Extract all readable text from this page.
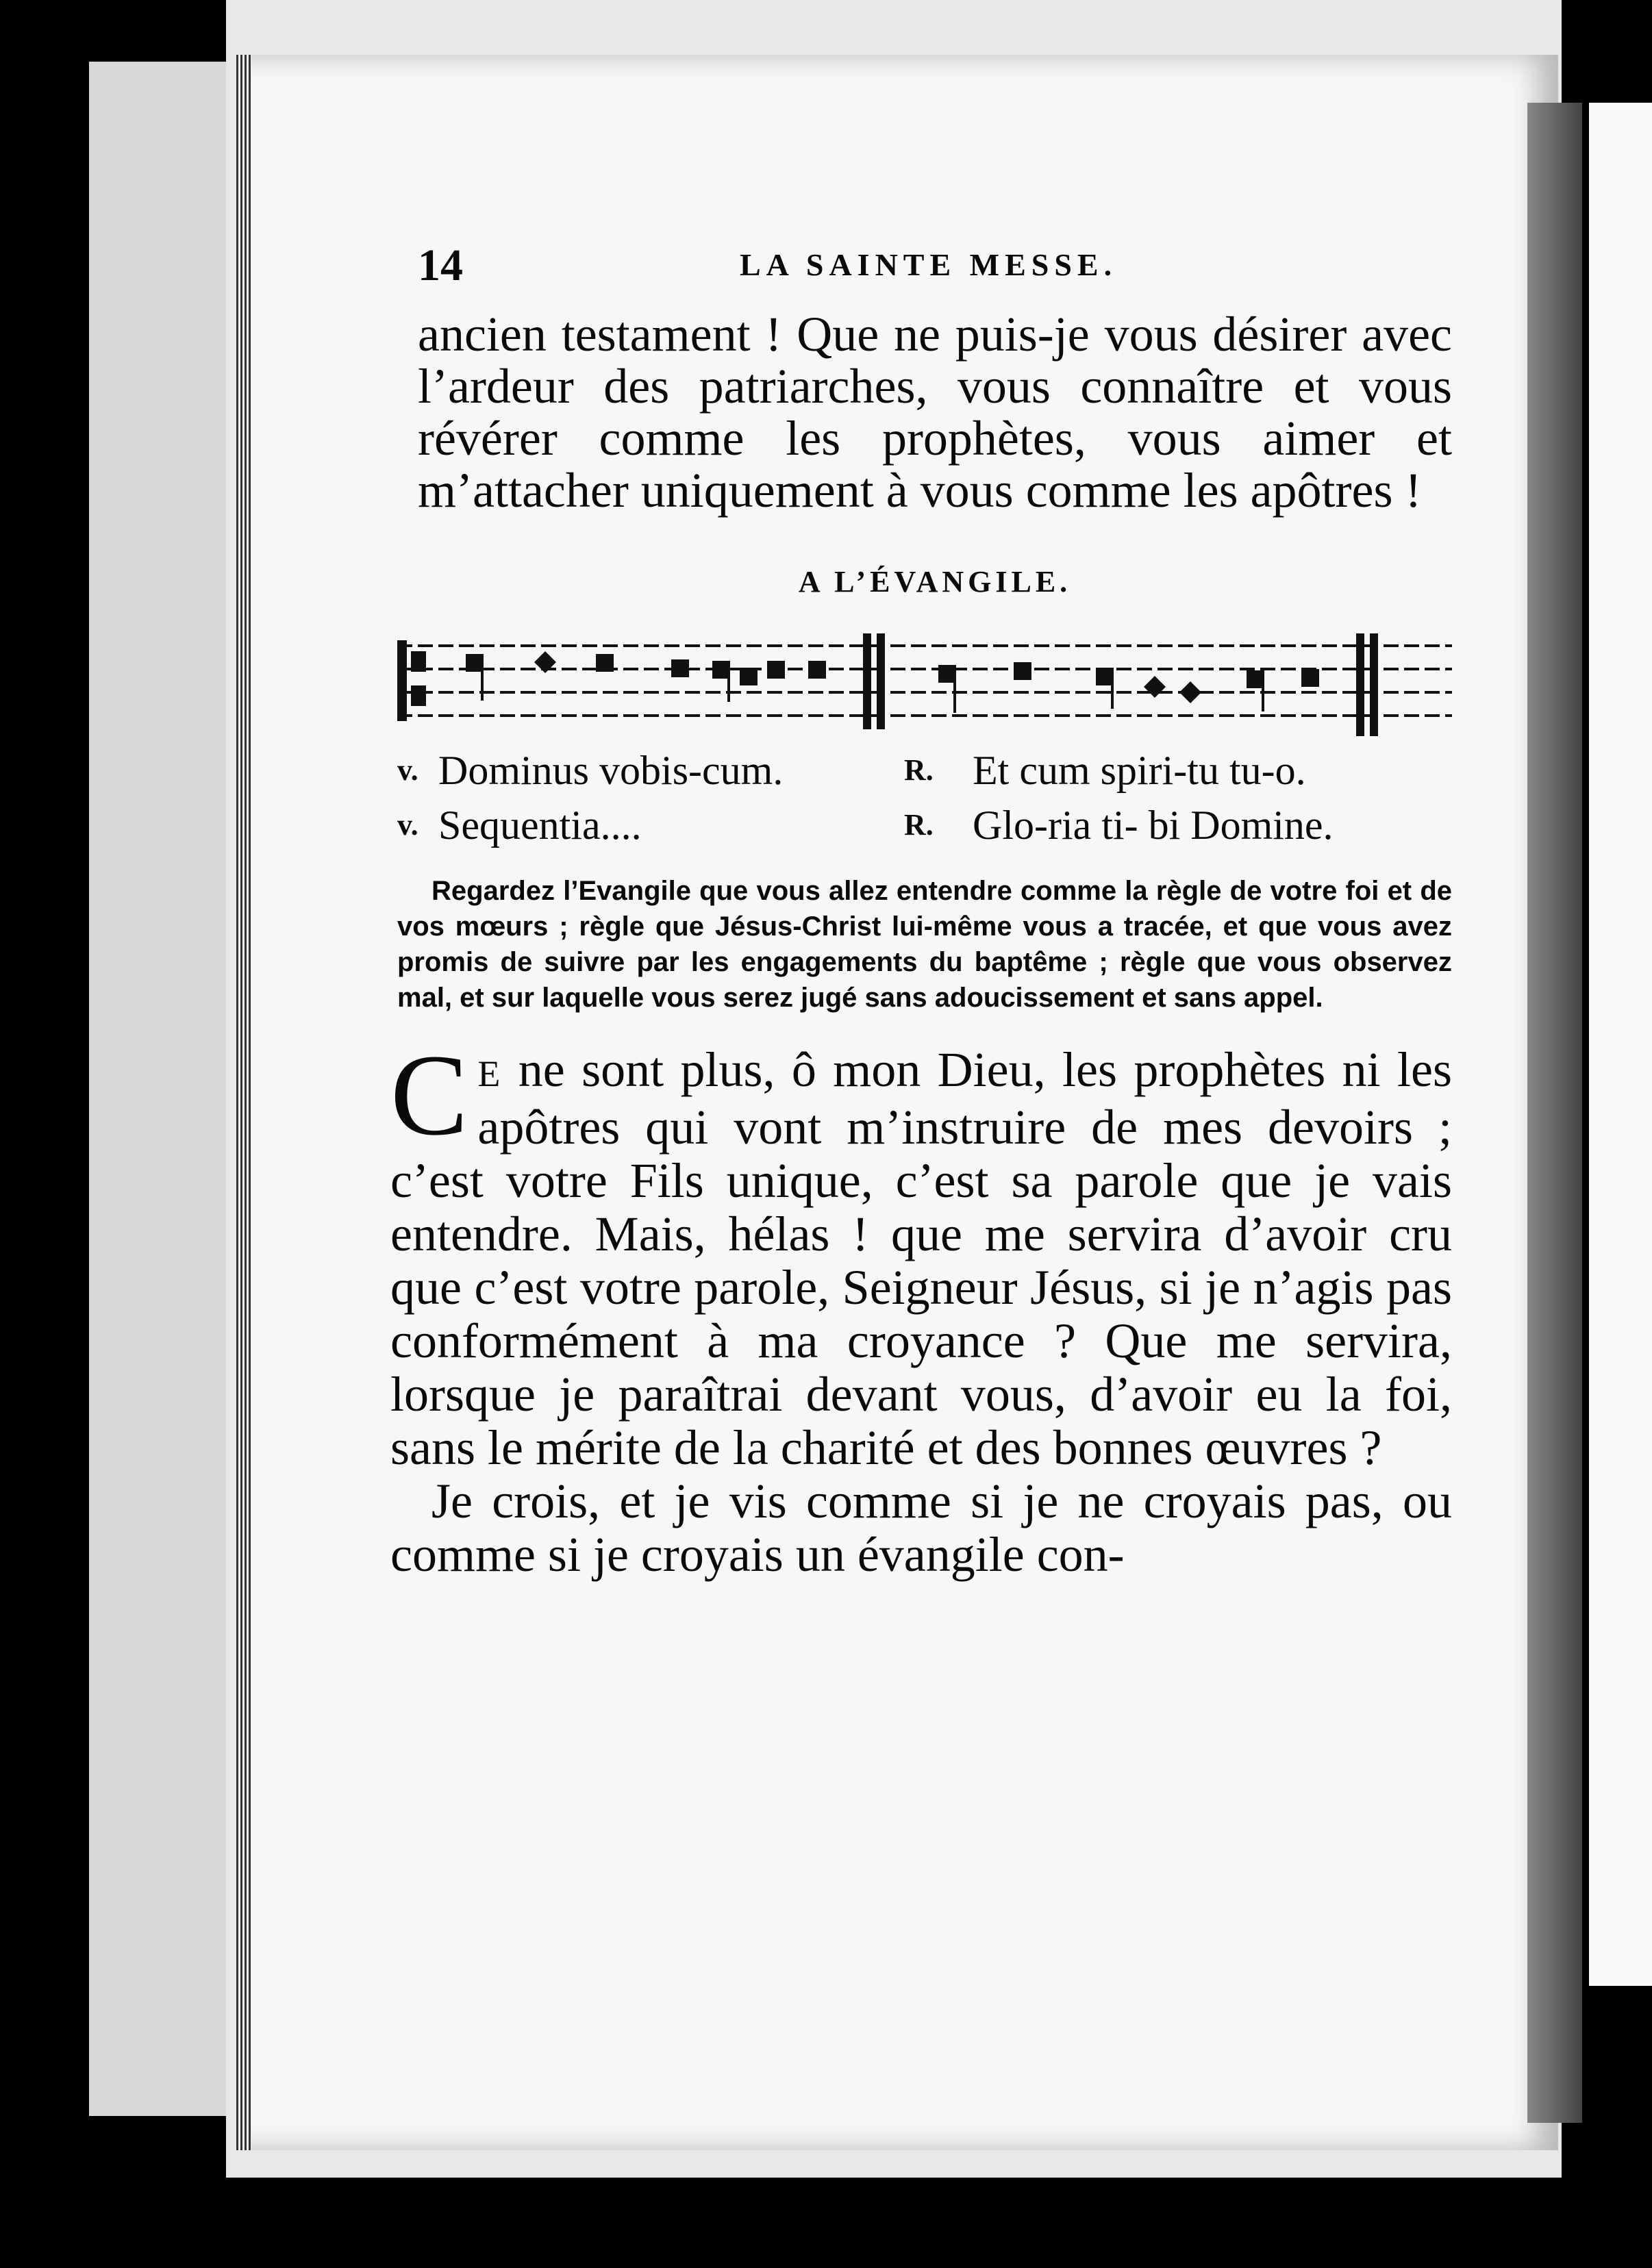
14	LA SAINTE MESSE.

ancien testament ! Que ne puis-je vous désirer avec l’ardeur des patriarches, vous connaître et vous révérer comme les prophètes, vous aimer et m’attacher uniquement à vous comme les apôtres !

A L’ÉVANGILE.
v. Dominus vobis-cum.	R. Et cum spiri-tu tu-o.
v. Sequentia....	R. Glo-ria ti- bi Domine.

Regardez l’Evangile que vous allez entendre comme la règle de votre foi et de vos mœurs ; règle que Jésus-Christ lui-même vous a tracée, et que vous avez promis de suivre par les engagements du baptême ; règle que vous observez mal, et sur laquelle vous serez jugé sans adoucissement et sans appel.

C E ne sont plus, ô mon Dieu, les prophètes ni les apôtres qui vont m’instruire de mes devoirs ; c’est votre Fils unique, c’est sa parole que je vais entendre. Mais, hélas ! que me servira d’avoir cru que c’est votre parole, Seigneur Jésus, si je n’agis pas conformément à ma croyance ? Que me servira, lorsque je paraîtrai devant vous, d’avoir eu la foi, sans le mérite de la charité et des bonnes œuvres ?

Je crois, et je vis comme si je ne croyais pas, ou comme si je croyais un évangile con-
